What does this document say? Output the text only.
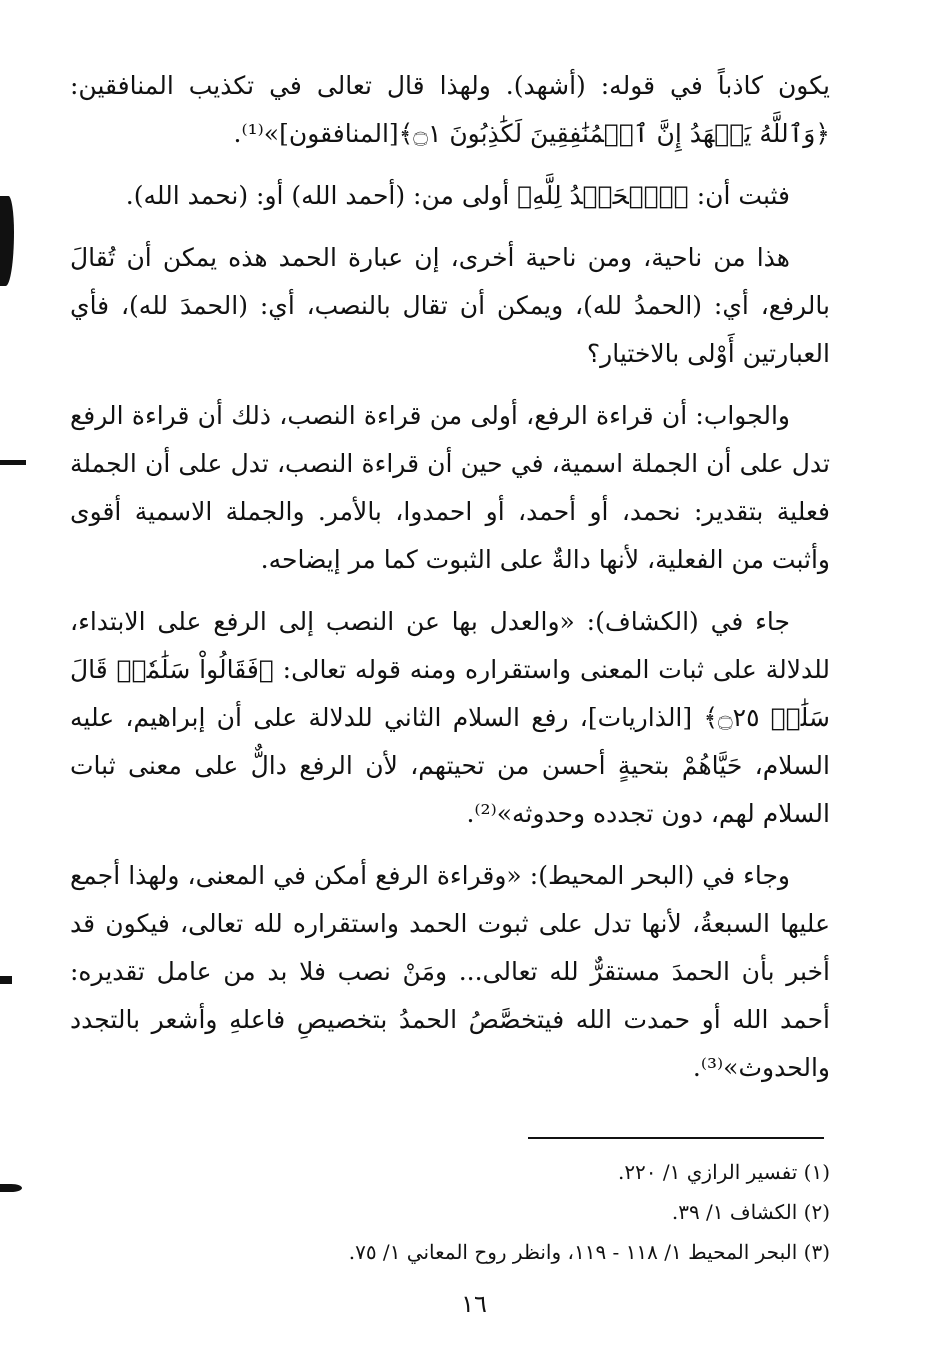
يكون كاذباً في قوله: (أشهد). ولهذا قال تعالى في تكذيب المنافقين: ﴿وَٱللَّهُ يَشۡهَدُ إِنَّ ٱلۡمُنَٰفِقِينَ لَكَٰذِبُونَ ۝١﴾[المنافقون]»⁽¹⁾.

فثبت أن: ﴿ٱلۡحَمۡدُ لِلَّهِ﴾ أولى من: (أحمد الله) أو: (نحمد الله).

هذا من ناحية، ومن ناحية أخرى، إن عبارة الحمد هذه يمكن أن تُقالَ بالرفع، أي: (الحمدُ لله)، ويمكن أن تقال بالنصب، أي: (الحمدَ لله)، فأي العبارتين أَوْلى بالاختيار؟

والجواب: أن قراءة الرفع، أولى من قراءة النصب، ذلك أن قراءة الرفع تدل على أن الجملة اسمية، في حين أن قراءة النصب، تدل على أن الجملة فعلية بتقدير: نحمد، أو أحمد، أو احمدوا، بالأمر. والجملة الاسمية أقوى وأثبت من الفعلية، لأنها دالةٌ على الثبوت كما مر إيضاحه.

جاء في (الكشاف): «والعدل بها عن النصب إلى الرفع على الابتداء، للدلالة على ثبات المعنى واستقراره ومنه قوله تعالى: ﴿فَقَالُواْ سَلَٰمٗاۖ قَالَ سَلَٰمٞ ۝٢٥﴾ [الذاريات]، رفع السلام الثاني للدلالة على أن إبراهيم، عليه السلام، حَيَّاهُمْ بتحيةٍ أحسن من تحيتهم، لأن الرفع دالٌّ على معنى ثبات السلام لهم، دون تجدده وحدوثه»⁽²⁾.

وجاء في (البحر المحيط): «وقراءة الرفع أمكن في المعنى، ولهذا أجمع عليها السبعةُ، لأنها تدل على ثبوت الحمد واستقراره لله تعالى، فيكون قد أخبر بأن الحمدَ مستقرٌّ لله تعالى... ومَنْ نصب فلا بد من عامل تقديره: أحمد الله أو حمدت الله فيتخصَّصُ الحمدُ بتخصيصِ فاعلهِ وأشعر بالتجدد والحدوث»⁽³⁾.

(١) تفسير الرازي ١/ ٢٢٠.
(٢) الكشاف ١/ ٣٩.
(٣) البحر المحيط ١/ ١١٨ - ١١٩، وانظر روح المعاني ١/ ٧٥.
١٦
